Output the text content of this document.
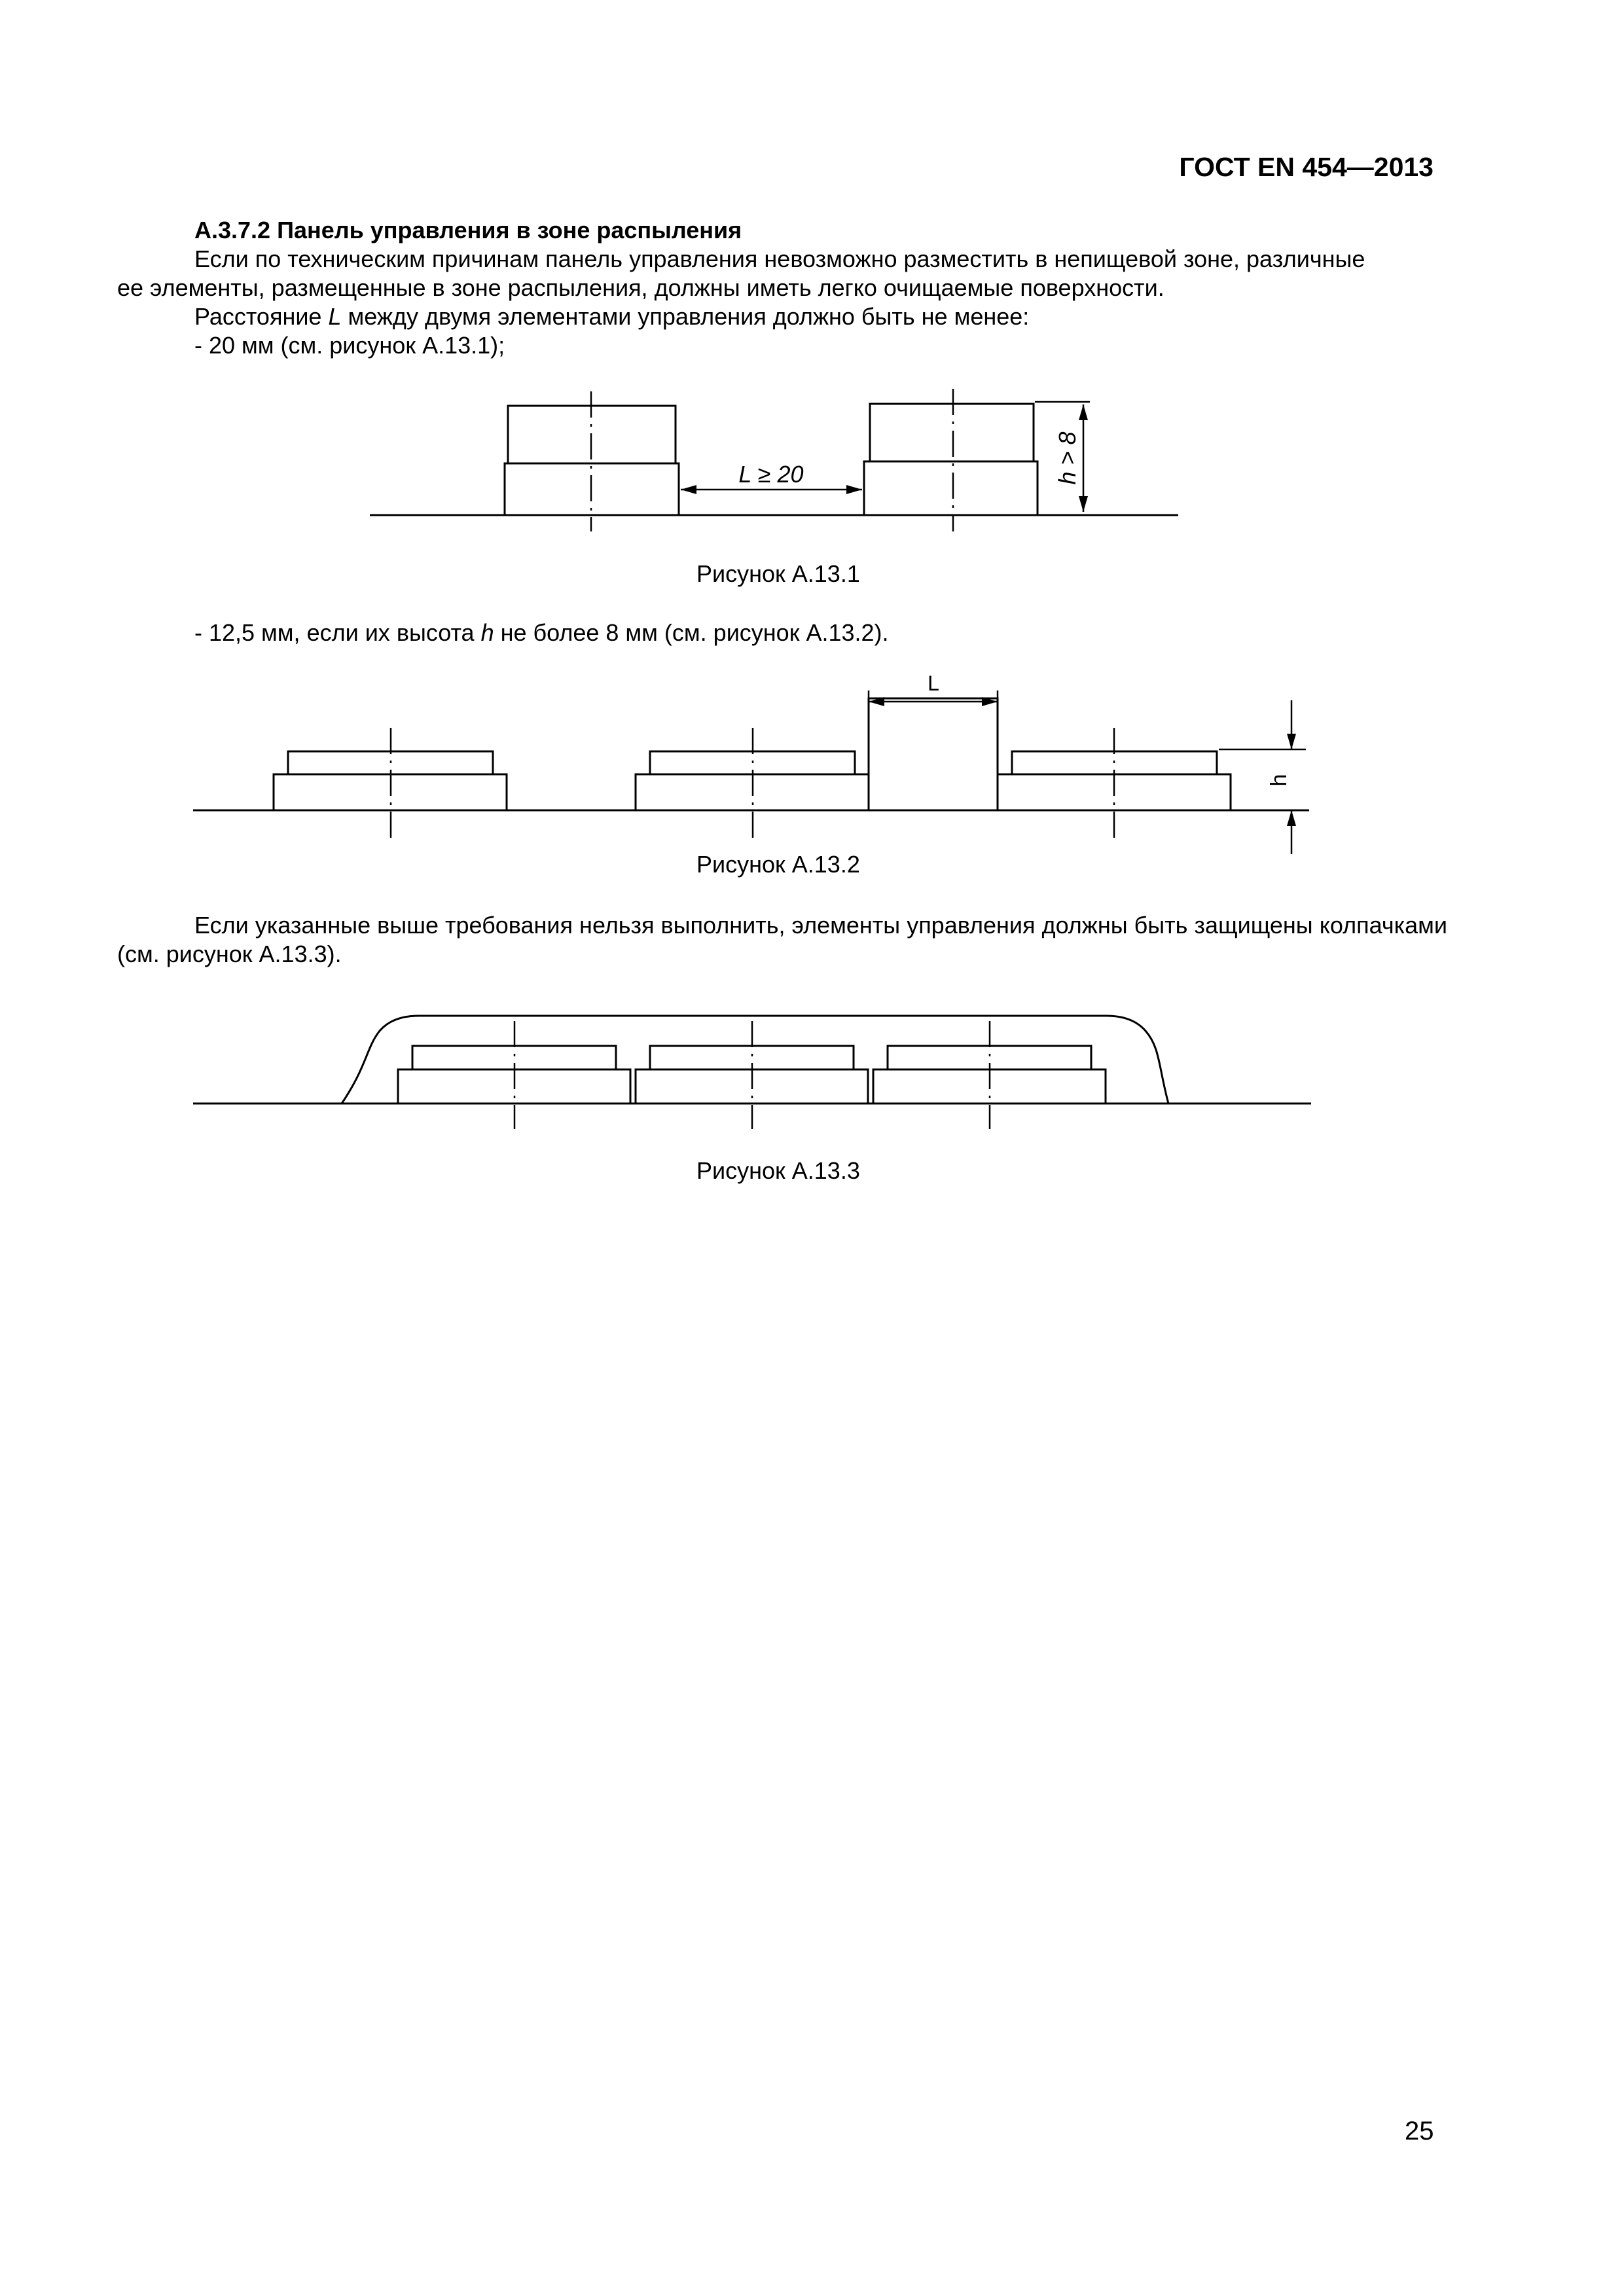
ГОСТ EN 454—2013
А.3.7.2 Панель управления в зоне распыления
Если по техническим причинам панель управления невозможно разместить в непищевой зоне, различные
ее элементы, размещенные в зоне распыления, должны иметь легко очищаемые поверхности.
Расстояние L между двумя элементами управления должно быть не менее:
- 20 мм (см. рисунок А.13.1);
L ≥ 20	h > 8
Рисунок А.13.1
- 12,5 мм, если их высота h не более 8 мм (см. рисунок А.13.2).
L
h
Рисунок А.13.2
Если указанные выше требования нельзя выполнить, элементы управления должны быть защищены колпачками (см. рисунок А.13.3).
Рисунок А.13.3
25
